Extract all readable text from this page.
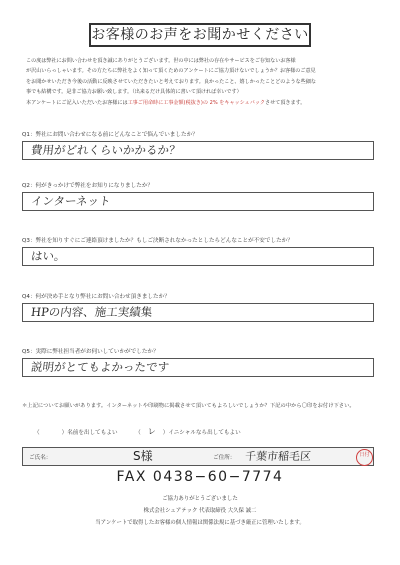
お客様のお声をお聞かせください
この度は弊社にお問い合わせを頂き誠にありがとうございます。世の中には弊社の存在やサービスをご存知ないお客様
が沢山いらっしゃいます。その方たちに弊社をよく知って頂くためのアンケートにご協力頂けないでしょうか？お客様のご意見
をお聞かせいただき今後の活動に反映させていただきたいと考えております。良かったこと、嬉しかったことどのような些細な
事でも結構です。是非ご協力お願い致します。（出来るだけ具体的に書いて頂ければ幸いです）
本アンケートにご記入いただいたお客様には工事ご用命時に工事金額(税抜き)の 2% をキャッシュバックさせて頂きます。
Q1：弊社にお問い合わせになる前にどんなことで悩んでいましたか？
費用がどれくらいかかるか？
Q2：何がきっかけで弊社をお知りになりましたか？
インターネット
Q3：弊社を知りすぐにご連絡頂けましたか？もしご決断されなかったとしたらどんなことが不安でしたか？
はい。
Q4：何が決め手となり弊社にお問い合わせ頂きましたか？
HPの内容、施工実績集
Q5：実際に弊社担当者がお伺いしていかがでしたか？
説明がとてもよかったです
＊上記についてお願いがあります。インターネットや印刷物に掲載させて頂いてもよろしいでしょうか？下記の中から〇印をお付け下さい。
（	）名前を出してもよい	（ レ ）イニシャルなら出してもよい
ご氏名：	S様	ご住所： 千葉市稲毛区	日付
FAX 0438−60−7774
ご協力ありがとうございました
株式会社シェアテック 代表取締役 大久保 誠二
当アンケートで取得したお客様の個人情報は関係法規に基づき厳正に管理いたします。
